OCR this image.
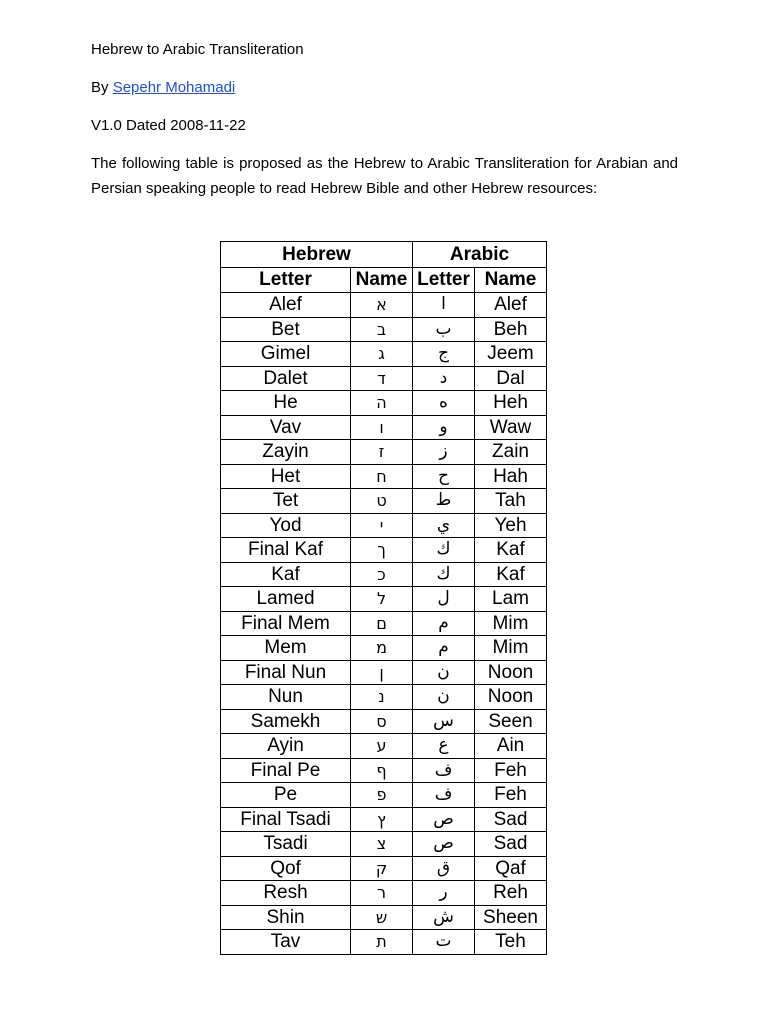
Hebrew to Arabic Transliteration

By Sepehr Mohamadi

V1.0 Dated 2008-11-22

The following table is proposed as the Hebrew to Arabic Transliteration for Arabian and Persian speaking people to read Hebrew Bible and other Hebrew resources:

Hebrew		Arabic	
Letter	Name	Letter	Name
Alef	א	ا	Alef
Bet	ב	ب	Beh
Gimel	ג	ج	Jeem
Dalet	ד	د	Dal
He	ה	ه	Heh
Vav	ו	و	Waw
Zayin	ז	ز	Zain
Het	ח	ح	Hah
Tet	ט	ط	Tah
Yod	י	ي	Yeh
Final Kaf	ך	ك	Kaf
Kaf	כ	ك	Kaf
Lamed	ל	ل	Lam
Final Mem	ם	م	Mim
Mem	מ	م	Mim
Final Nun	ן	ن	Noon
Nun	נ	ن	Noon
Samekh	ס	س	Seen
Ayin	ע	ع	Ain
Final Pe	ף	ف	Feh
Pe	פ	ف	Feh
Final Tsadi	ץ	ص	Sad
Tsadi	צ	ص	Sad
Qof	ק	ق	Qaf
Resh	ר	ر	Reh
Shin	ש	ش	Sheen
Tav	ת	ت	Teh
